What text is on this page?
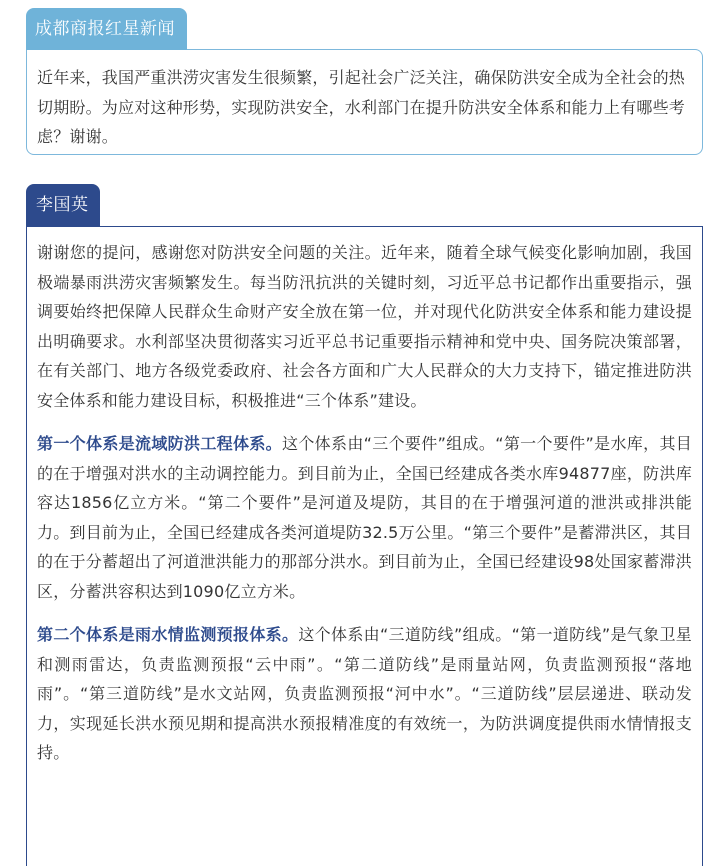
成都商报红星新闻

近年来，我国严重洪涝灾害发生很频繁，引起社会广泛关注，确保防洪安全成为全社会的热切期盼。为应对这种形势，实现防洪安全，水利部门在提升防洪安全体系和能力上有哪些考虑？谢谢。

李国英

谢谢您的提问，感谢您对防洪安全问题的关注。近年来，随着全球气候变化影响加剧，我国极端暴雨洪涝灾害频繁发生。每当防汛抗洪的关键时刻，习近平总书记都作出重要指示，强调要始终把保障人民群众生命财产安全放在第一位，并对现代化防洪安全体系和能力建设提出明确要求。水利部坚决贯彻落实习近平总书记重要指示精神和党中央、国务院决策部署，在有关部门、地方各级党委政府、社会各方面和广大人民群众的大力支持下，锚定推进防洪安全体系和能力建设目标，积极推进“三个体系”建设。

第一个体系是流域防洪工程体系。这个体系由“三个要件”组成。“第一个要件”是水库，其目的在于增强对洪水的主动调控能力。到目前为止，全国已经建成各类水库94877座，防洪库容达1856亿立方米。“第二个要件”是河道及堤防，其目的在于增强河道的泄洪或排洪能力。到目前为止，全国已经建成各类河道堤防32.5万公里。“第三个要件”是蓄滞洪区，其目的在于分蓄超出了河道泄洪能力的那部分洪水。到目前为止，全国已经建设98处国家蓄滞洪区，分蓄洪容积达到1090亿立方米。

第二个体系是雨水情监测预报体系。这个体系由“三道防线”组成。“第一道防线”是气象卫星和测雨雷达，负责监测预报“云中雨”。“第二道防线”是雨量站网，负责监测预报“落地雨”。“第三道防线”是水文站网，负责监测预报“河中水”。“三道防线”层层递进、联动发力，实现延长洪水预见期和提高洪水预报精准度的有效统一，为防洪调度提供雨水情情报支持。
